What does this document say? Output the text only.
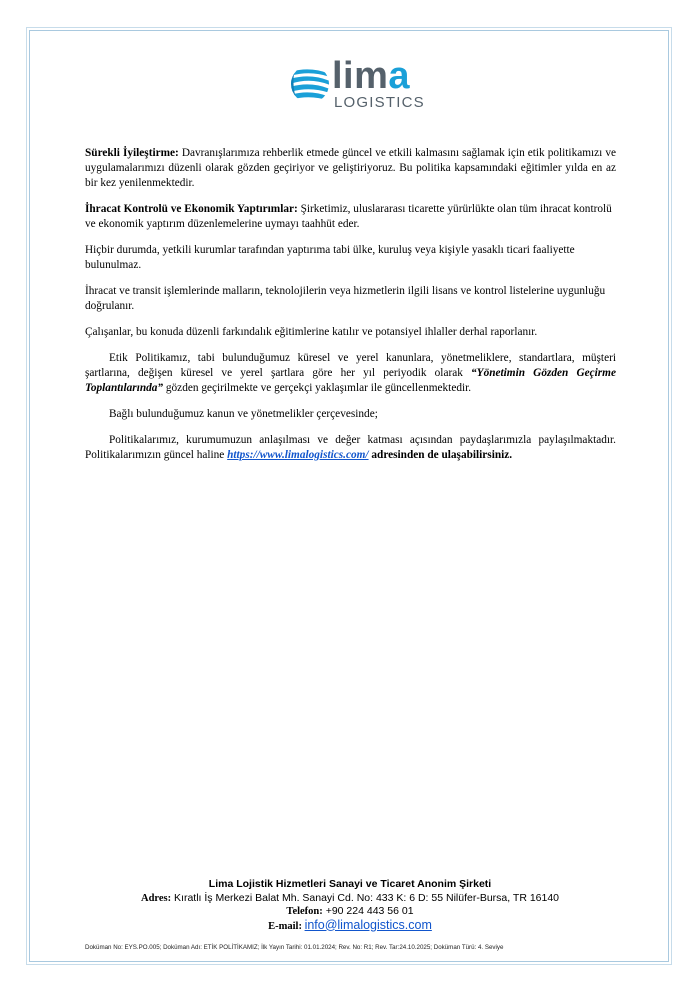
lima
LOGISTICS

Sürekli İyileştirme: Davranışlarımıza rehberlik etmede güncel ve etkili kalmasını sağlamak için etik politikamızı ve uygulamalarımızı düzenli olarak gözden geçiriyor ve geliştiriyoruz. Bu politika kapsamındaki eğitimler yılda en az bir kez yenilenmektedir.

İhracat Kontrolü ve Ekonomik Yaptırımlar: Şirketimiz, uluslararası ticarette yürürlükte olan tüm ihracat kontrolü ve ekonomik yaptırım düzenlemelerine uymayı taahhüt eder.

Hiçbir durumda, yetkili kurumlar tarafından yaptırıma tabi ülke, kuruluş veya kişiyle yasaklı ticari faaliyette bulunulmaz.

İhracat ve transit işlemlerinde malların, teknolojilerin veya hizmetlerin ilgili lisans ve kontrol listelerine uygunluğu doğrulanır.

Çalışanlar, bu konuda düzenli farkındalık eğitimlerine katılır ve potansiyel ihlaller derhal raporlanır.

Etik Politikamız, tabi bulunduğumuz küresel ve yerel kanunlara, yönetmeliklere, standartlara, müşteri şartlarına, değişen küresel ve yerel şartlara göre her yıl periyodik olarak “Yönetimin Gözden Geçirme Toplantılarında” gözden geçirilmekte ve gerçekçi yaklaşımlar ile güncellenmektedir.

Bağlı bulunduğumuz kanun ve yönetmelikler çerçevesinde;

Politikalarımız, kurumumuzun anlaşılması ve değer katması açısından paydaşlarımızla paylaşılmaktadır. Politikalarımızın güncel haline https://www.limalogistics.com/ adresinden de ulaşabilirsiniz.

Lima Lojistik Hizmetleri Sanayi ve Ticaret Anonim Şirketi
Adres: Kıratlı İş Merkezi Balat Mh. Sanayi Cd. No: 433 K: 6 D: 55 Nilüfer-Bursa, TR 16140
Telefon: +90 224 443 56 01
E-mail: info@limalogistics.com
Doküman No: EYS.PO.005; Doküman Adı: ETİK POLİTİKAMIZ; İlk Yayın Tarihi: 01.01.2024; Rev. No: R1; Rev. Tar:24.10.2025; Doküman Türü: 4. Seviye
